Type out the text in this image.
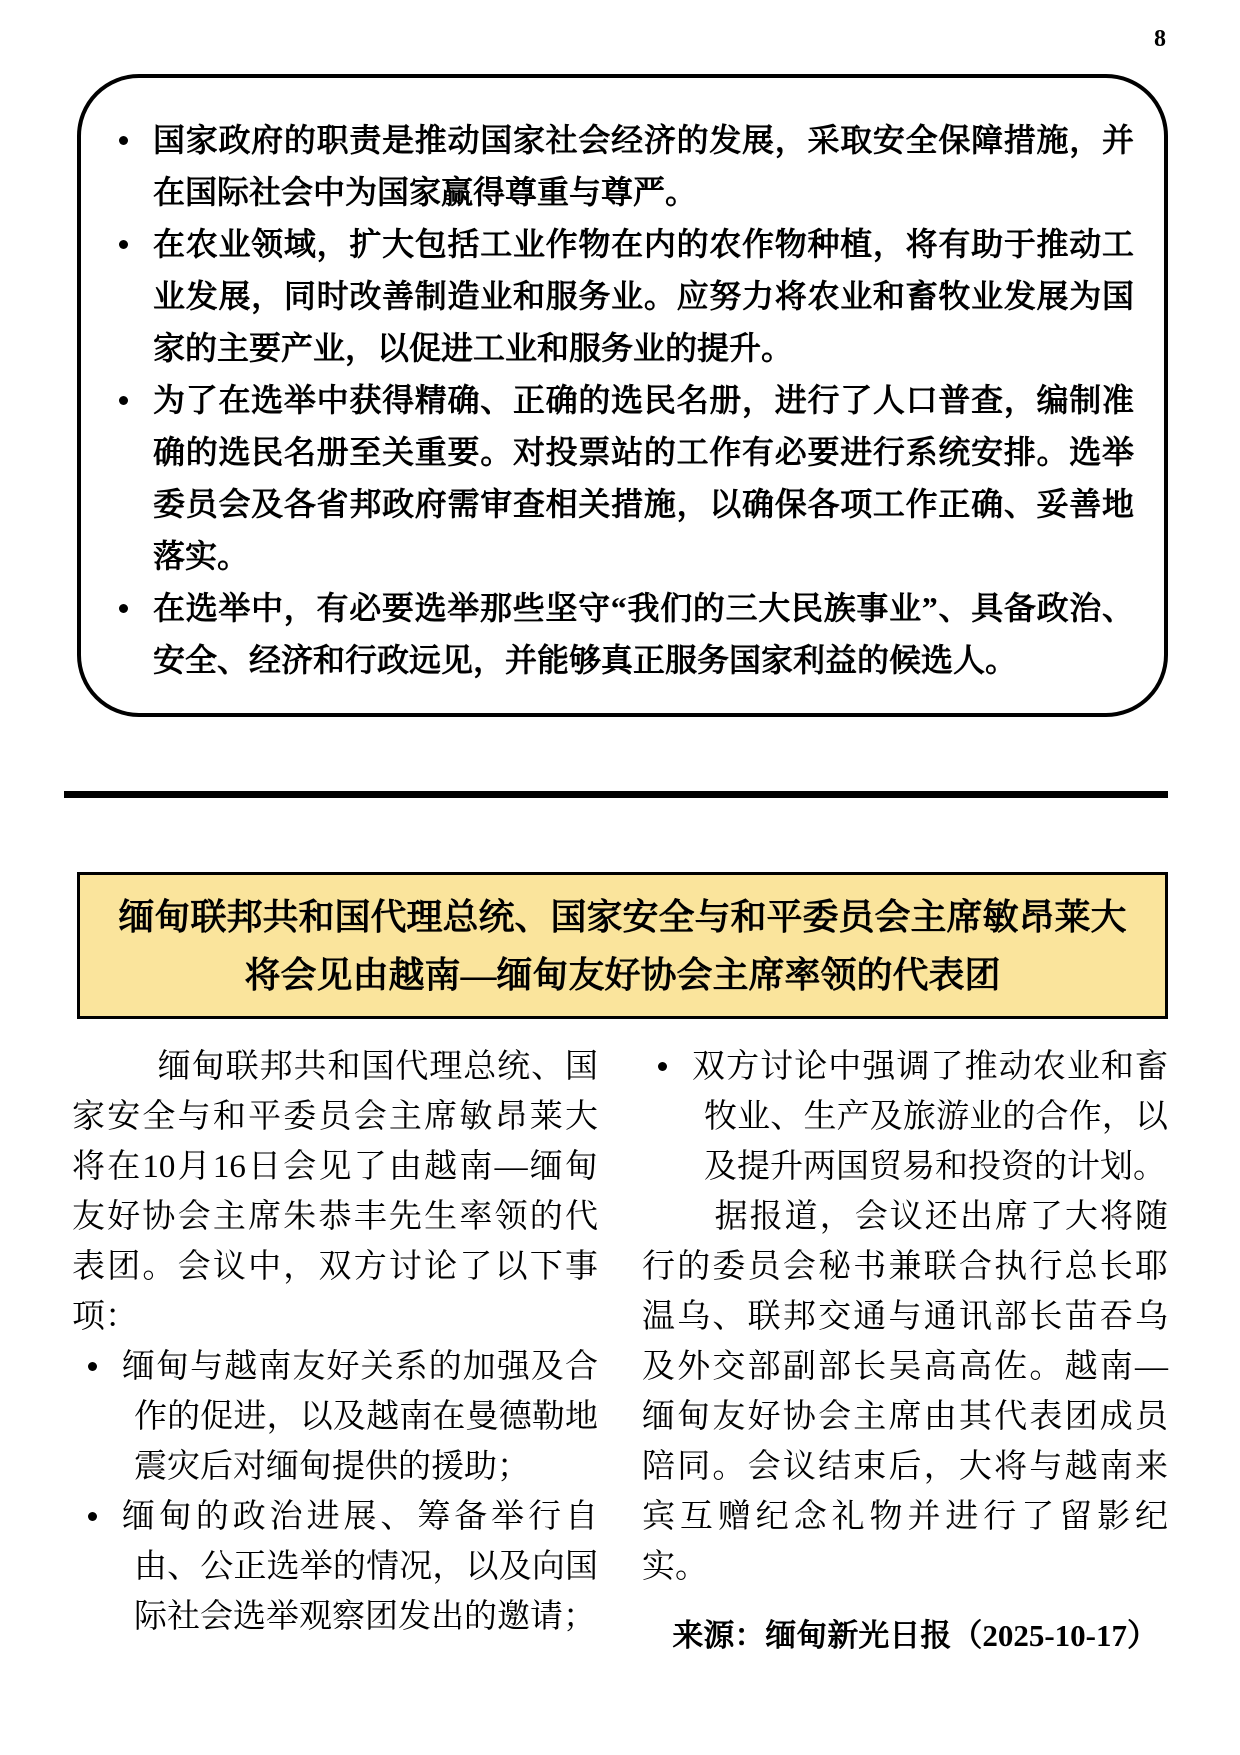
8
国家政府的职责是推动国家社会经济的发展，采取安全保障措施，并在国际社会中为国家赢得尊重与尊严。
在农业领域，扩大包括工业作物在内的农作物种植，将有助于推动工业发展，同时改善制造业和服务业。应努力将农业和畜牧业发展为国家的主要产业，以促进工业和服务业的提升。
为了在选举中获得精确、正确的选民名册，进行了人口普查，编制准确的选民名册至关重要。对投票站的工作有必要进行系统安排。选举委员会及各省邦政府需审查相关措施，以确保各项工作正确、妥善地落实。
在选举中，有必要选举那些坚守“我们的三大民族事业”、具备政治、安全、经济和行政远见，并能够真正服务国家利益的候选人。
缅甸联邦共和国代理总统、国家安全与和平委员会主席敏昂莱大
将会见由越南—缅甸友好协会主席率领的代表团

缅甸联邦共和国代理总统、国家安全与和平委员会主席敏昂莱大将在10月16日会见了由越南—缅甸友好协会主席朱恭丰先生率领的代表团。会议中，双方讨论了以下事项：

缅甸与越南友好关系的加强及合作的促进，以及越南在曼德勒地震灾后对缅甸提供的援助；
缅甸的政治进展、筹备举行自由、公正选举的情况，以及向国际社会选举观察团发出的邀请；
双方讨论中强调了推动农业和畜牧业、生产及旅游业的合作，以及提升两国贸易和投资的计划。

据报道，会议还出席了大将随行的委员会秘书兼联合执行总长耶温乌、联邦交通与通讯部长苗吞乌及外交部副部长吴高高佐。越南—缅甸友好协会主席由其代表团成员陪同。会议结束后，大将与越南来宾互赠纪念礼物并进行了留影纪实。

来源：缅甸新光日报（2025-10-17）
